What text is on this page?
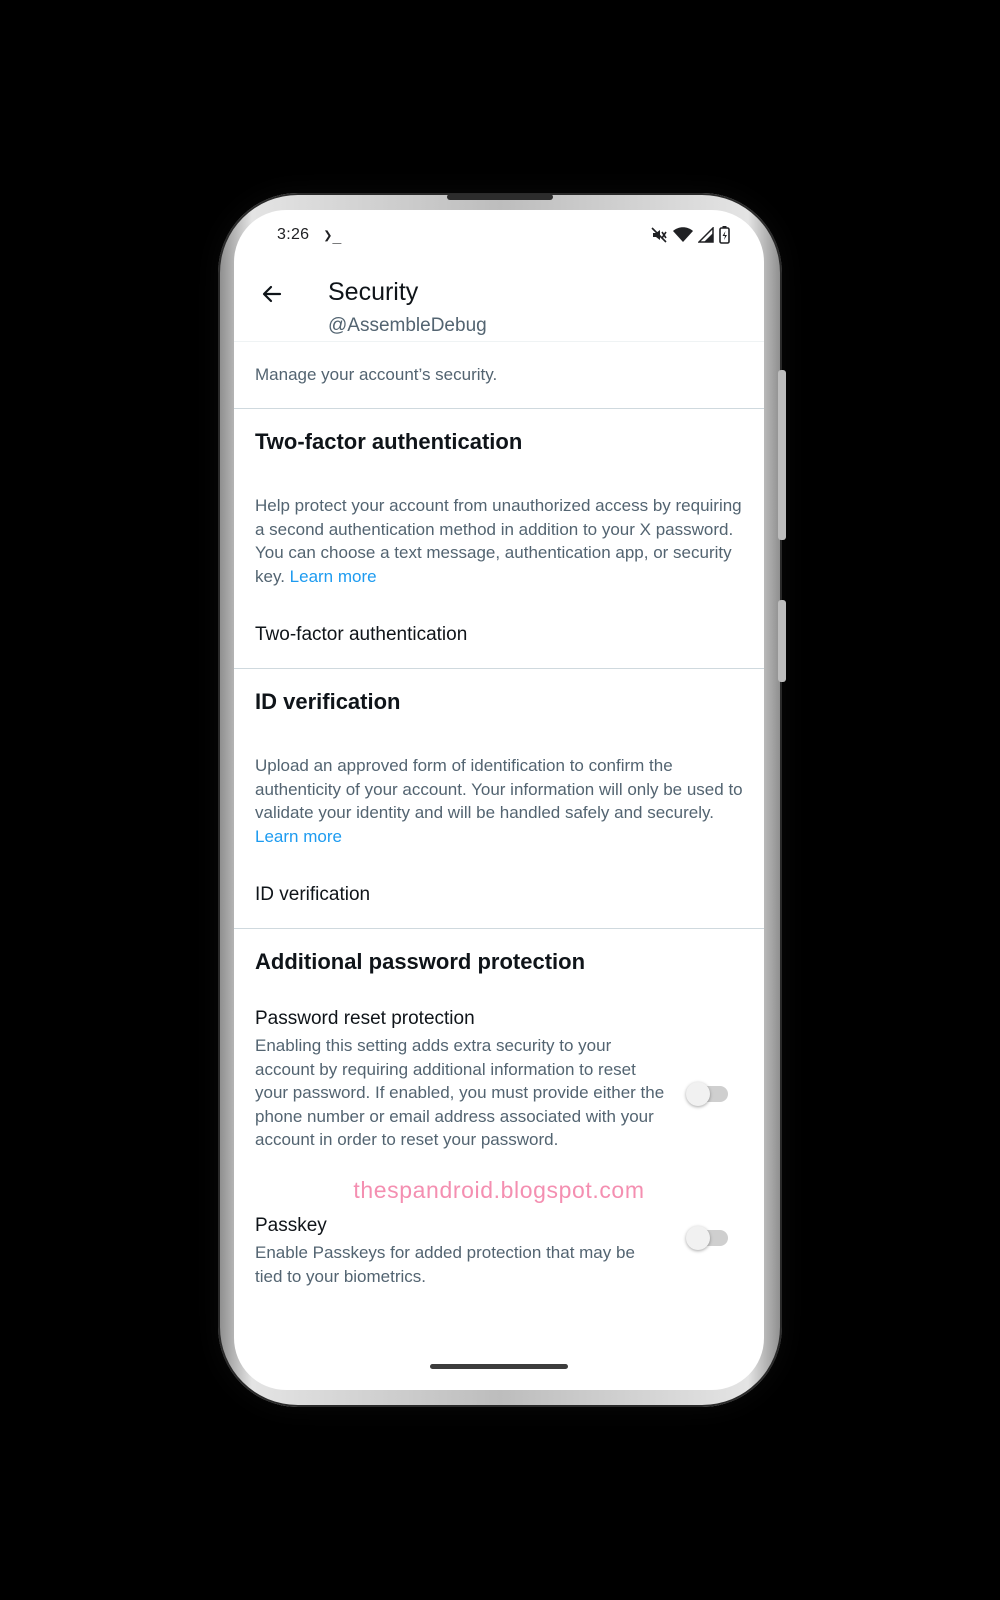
3:26 ❯_
Security
@AssembleDebug
Manage your account’s security.
Two-factor authentication
Help protect your account from unauthorized access by requiring a second authentication method in addition to your X password. You can choose a text message, authentication app, or security key. Learn more
Two-factor authentication
ID verification
Upload an approved form of identification to confirm the authenticity of your account. Your information will only be used to validate your identity and will be handled safely and securely. Learn more
ID verification
Additional password protection
Password reset protection
Enabling this setting adds extra security to your account by requiring additional information to reset your password. If enabled, you must provide either the phone number or email address associated with your account in order to reset your password.
Passkey
Enable Passkeys for added protection that may be tied to your biometrics.
thespandroid.blogspot.com
